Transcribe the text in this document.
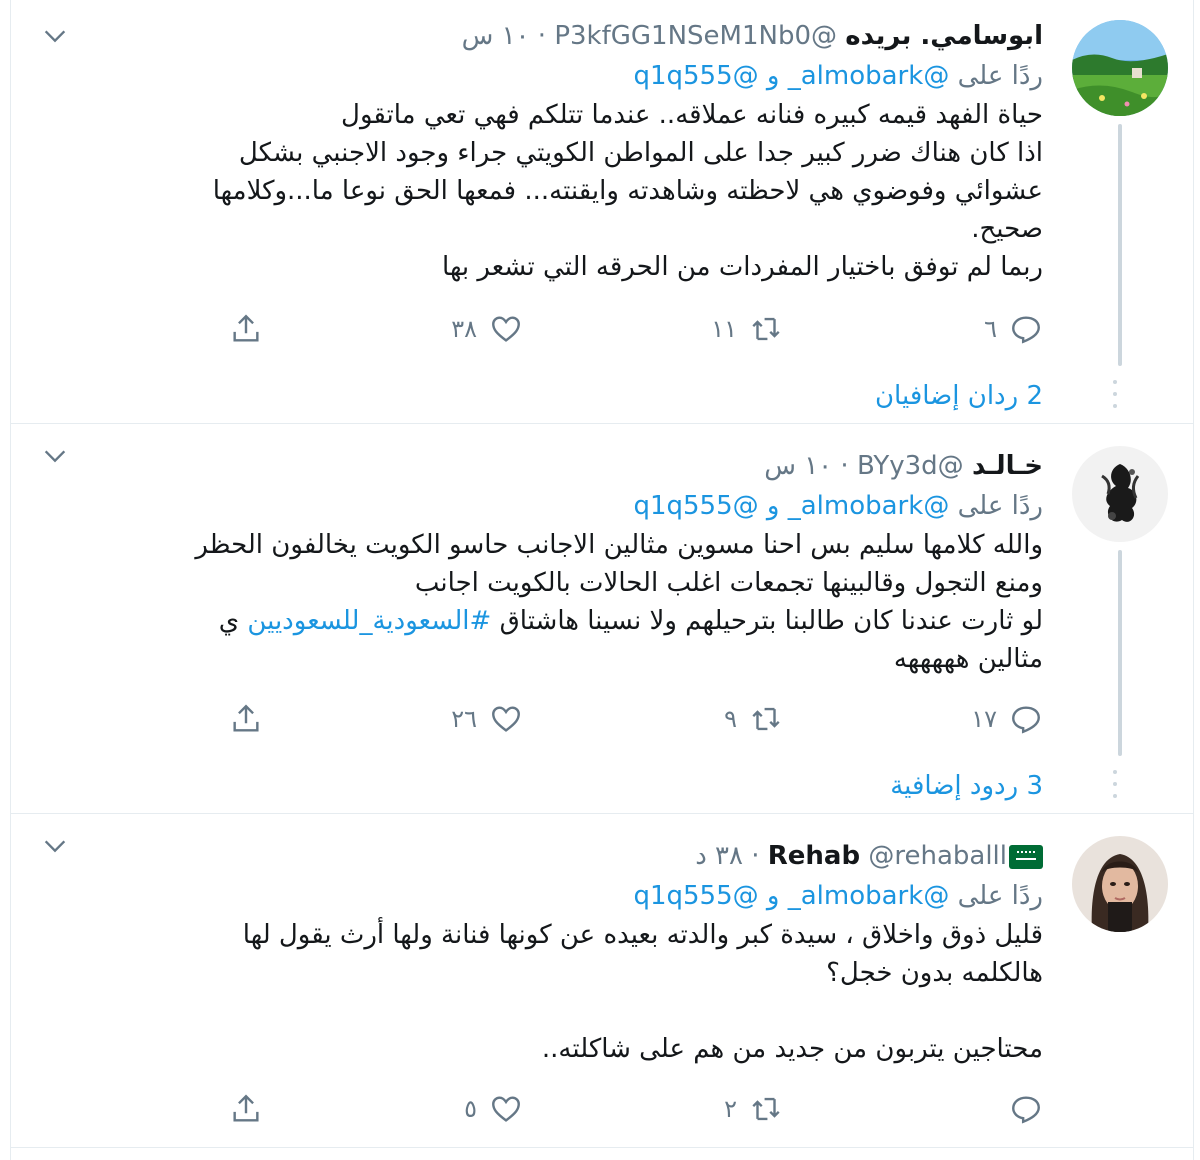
ابوسامي. بريده @P3kfGG1NSeM1Nb0 · ١٠ س
ردًا على @almobark_ و @q1q555
حياة الفهد قيمه كبيره فنانه عملاقه.. عندما تتلكم فهي تعي ماتقول
اذا كان هناك ضرر كبير جدا على المواطن الكويتي جراء وجود الاجنبي بشكل
عشوائي وفوضوي هي لاحظته وشاهدته وايقنته... فمعها الحق نوعا ما...وكلامها
صحيح.
ربما لم توفق باختيار المفردات من الحرقه التي تشعر بها
٦
١١
٣٨
2 ردان إضافيان
خـالـد @BYy3d · ١٠ س
ردًا على @almobark_ و @q1q555
والله كلامها سليم بس احنا مسوين مثالين الاجانب حاسو الكويت يخالفون الحظر
ومنع التجول وقالبينها تجمعات اغلب الحالات بالكويت اجانب
لو ثارت عندنا كان طالبنا بترحيلهم ولا نسينا هاشتاق #السعودية_للسعوديين ي
مثالين هههههه
١٧
٩
٢٦
3 ردود إضافية
Rehab @rehaballl · ٣٨ د
ردًا على @almobark_ و @q1q555
قليل ذوق واخلاق ، سيدة كبر والدته بعيده عن كونها فنانة ولها أرث يقول لها
هالكلمه بدون خجل؟
محتاجين يتربون من جديد من هم على شاكلته..
٢
٥
